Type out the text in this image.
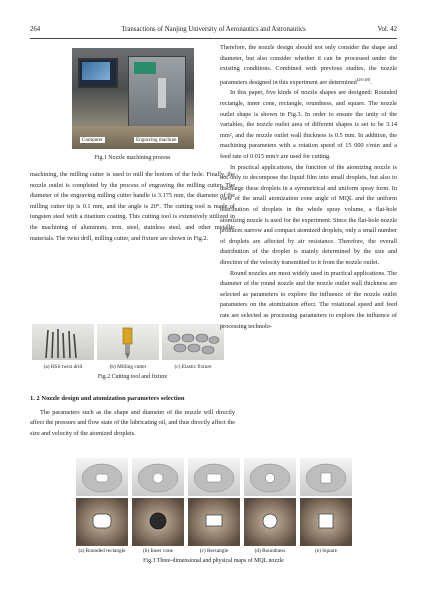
264	Transactions of Nanjing University of Aeronautics and Astronautics	Vol. 42
Computer	Engraving machine
Fig.1 Nozzle machining process

machining, the milling cutter is used to mill the bottom of the hole. Finally, the nozzle outlet is completed by the process of engraving the milling cutter. The diameter of the engraving milling cutter handle is 3.175 mm, the diameter of the milling cutter tip is 0.1 mm, and the angle is 20°. The cutting tool is made of tungsten steel with a titanium coating. This cutting tool is extensively utilized in the machining of aluminum, iron, steel, stainless steel, and other metallic materials. The twist drill, milling cutter, and fixture are shown in Fig.2.

(a) HSS twist drill	(b) Milling cutter	(c) Elastic fixture
Fig.2 Cutting tool and fixture
1. 2 Nozzle design and atomization parameters selection

The parameters such as the shape and diameter of the nozzle will directly affect the pressure and flow state of the lubricating oil, and thus directly affect the size and velocity of the atomized droplets.

Therefore, the nozzle design should not only consider the shape and diameter, but also consider whether it can be processed under the existing conditions. Combined with previous studies, the nozzle parameters designed in this experiment are determined[26-28].

In this paper, five kinds of nozzle shapes are designed: Rounded rectangle, inner cone, rectangle, roundness, and square. The nozzle outlet shape is shown in Fig.3. In order to ensure the unity of the variables, the nozzle outlet area of different shapes is set to be 3.14 mm², and the nozzle outlet wall thickness is 0.5 mm. In addition, the machining parameters with a rotation speed of 15 000 r/min and a feed rate of 0.015 mm/r are used for cutting.

In practical applications, the function of the atomizing nozzle is not only to decompose the liquid film into small droplets, but also to discharge these droplets in a symmetrical and uniform spray form. In view of the small atomization cone angle of MQL and the uniform distribution of droplets in the whole spray volume, a flat-hole atomizing nozzle is used for the experiment. Since the flat-hole nozzle produces narrow and compact atomized droplets, only a small number of droplets are affected by air resistance. Therefore, the overall distribution of the droplet is mainly determined by the size and direction of the velocity transmitted to it from the nozzle outlet.

Round nozzles are most widely used in practical applications. The diameter of the round nozzle and the nozzle outlet wall thickness are selected as parameters to explore the influence of the nozzle outlet parameters on the atomization effect. The rotational speed and feed rate are selected as processing parameters to explore the influence of processing technolo-

(a) Rounded rectangle	(b) Inner cone	(c) Rectangle	(d) Roundness	(e) Square
Fig.3 Three-dimensional and physical maps of MQL nozzle
